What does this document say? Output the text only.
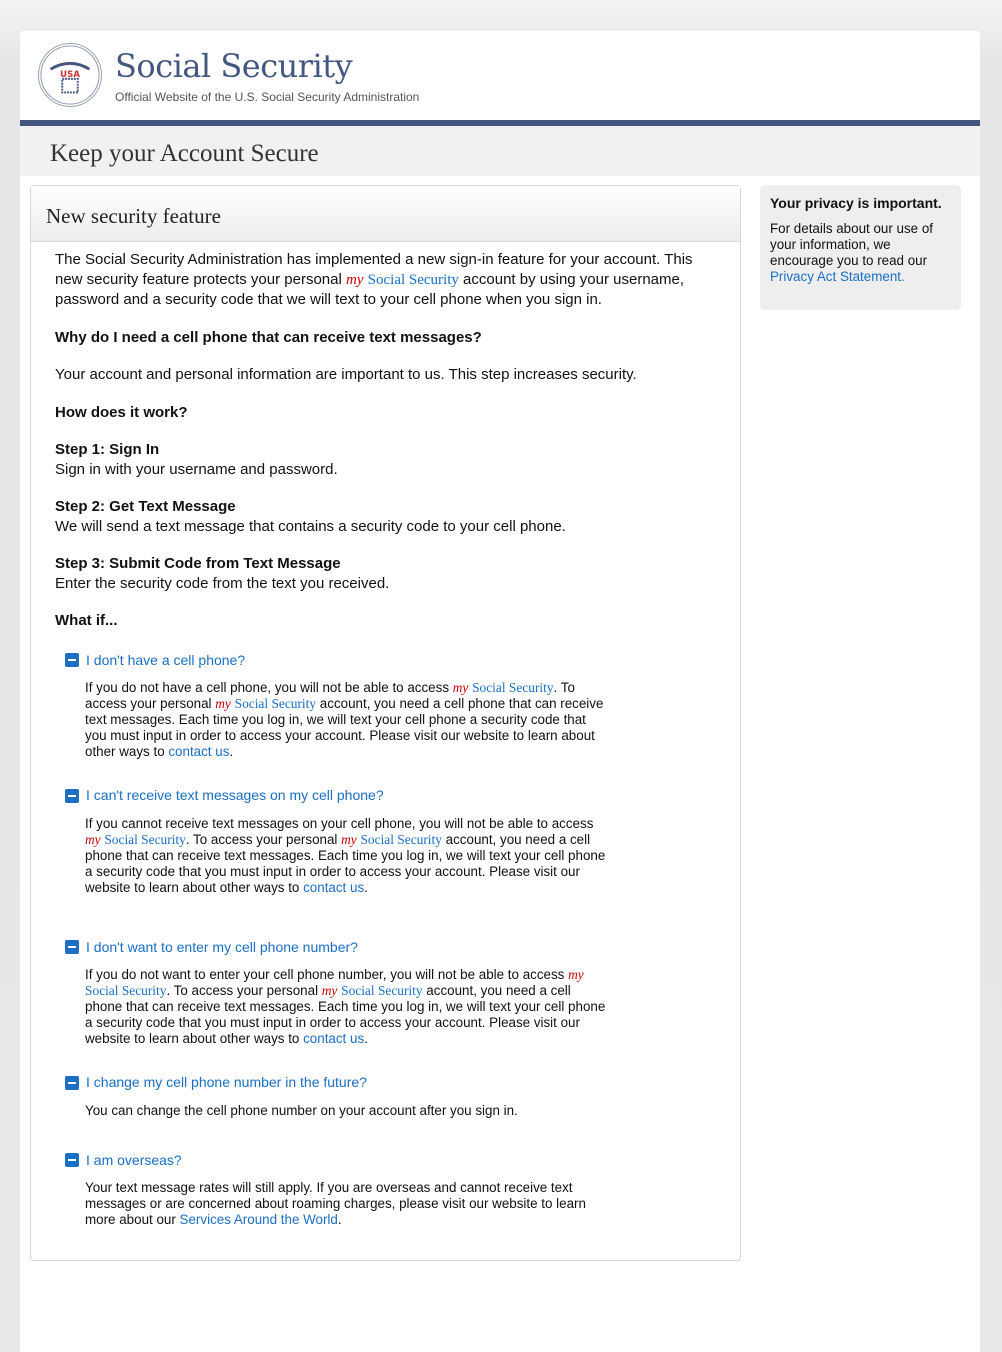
USA Social Security
Official Website of the U.S. Social Security Administration
Keep your Account Secure
New security feature

The Social Security Administration has implemented a new sign-in feature for your account. This new security feature protects your personal my Social Security account by using your username, password and a security code that we will text to your cell phone when you sign in.

Why do I need a cell phone that can receive text messages?

Your account and personal information are important to us. This step increases security.

How does it work?

Step 1: Sign In
Sign in with your username and password.

Step 2: Get Text Message
We will send a text message that contains a security code to your cell phone.

Step 3: Submit Code from Text Message
Enter the security code from the text you received.

What if...

I don't have a cell phone?
If you do not have a cell phone, you will not be able to access my Social Security. To access your personal my Social Security account, you need a cell phone that can receive text messages. Each time you log in, we will text your cell phone a security code that you must input in order to access your account. Please visit our website to learn about other ways to contact us.
I can't receive text messages on my cell phone?
If you cannot receive text messages on your cell phone, you will not be able to access my Social Security. To access your personal my Social Security account, you need a cell phone that can receive text messages. Each time you log in, we will text your cell phone a security code that you must input in order to access your account. Please visit our website to learn about other ways to contact us.
I don't want to enter my cell phone number?
If you do not want to enter your cell phone number, you will not be able to access my Social Security. To access your personal my Social Security account, you need a cell phone that can receive text messages. Each time you log in, we will text your cell phone a security code that you must input in order to access your account. Please visit our website to learn about other ways to contact us.
I change my cell phone number in the future?
You can change the cell phone number on your account after you sign in.
I am overseas?
Your text message rates will still apply. If you are overseas and cannot receive text messages or are concerned about roaming charges, please visit our website to learn more about our Services Around the World.
Your privacy is important.
For details about our use of your information, we encourage you to read our Privacy Act Statement.
